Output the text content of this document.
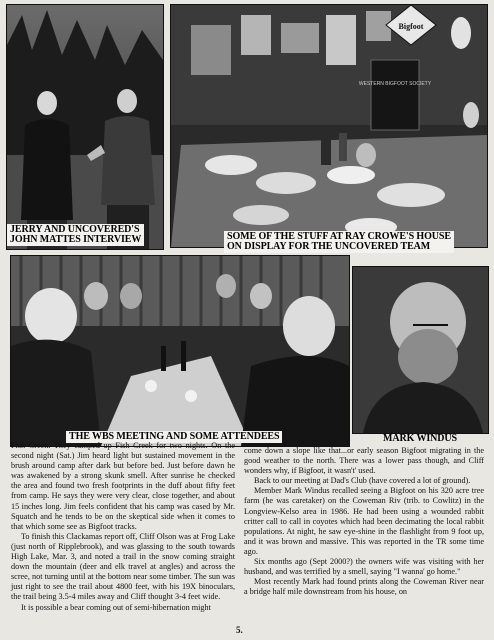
JERRY AND UNCOVERED'S
JOHN MATTES INTERVIEW
Bigfoot
WESTERN BIGFOOT SOCIETY
SOME OF THE STUFF AT RAY CROWE'S HOUSE
ON DISPLAY FOR THE UNCOVERED TEAM
THE WBS MEETING AND SOME ATTENDEES	MARK WINDUS

Fish Creek. They camped up Fish Creek for two nights. On the second night (Sat.) Jim heard light but sustained movement in the brush around camp after dark but before bed. Just before dawn he was awakened by a strong skunk smell. After sunrise he checked the area and found two fresh footprints in the duff about fifty feet from camp. He says they were very clear, close together, and about 15 inches long. Jim feels confident that his camp was cased by Mr. Squatch and he tends to be on the skeptical side when it comes to that which some see as Bigfoot tracks.

To finish this Clackamas report off, Cliff Olson was at Frog Lake (just north of Ripplebrook), and was glassing to the south towards High Lake, Mar. 3, and noted a trail in the snow coming straight down the mountain (deer and elk travel at angles) and across the scree, not turning until at the bottom near some timber. The sun was just right to see the trail about 4800 feet, with his 19X binoculars, the trail being 3.5-4 miles away and Cliff thought 3-4 feet wide.

It is possible a bear coming out of semi-hibernation might

come down a slope like that...or early season Bigfoot migrating in the good weather to the north. There was a lower pass though, and Cliff wonders why, if Bigfoot, it wasn't' used.

Back to our meeting at Dad's Club (have covered a lot of ground).

Member Mark Windus recalled seeing a Bigfoot on his 320 acre tree farm (he was caretaker) on the Coweman Riv (trib. to Cowlitz) in the Longview-Kelso area in 1986. He had been using a wounded rabbit critter call to call in coyotes which had been decimating the local rabbit populations. At night, he saw eye-shine in the flashlight from 9 foot up, and it was brown and massive. This was reported in the TR some time ago.

Six months ago (Sept 2000?) the owners wife was visiting with her husband, and was terrified by a smell, saying "I wanna' go home."

Most recently Mark had found prints along the Coweman River near a bridge half mile downstream from his house, on

5.
